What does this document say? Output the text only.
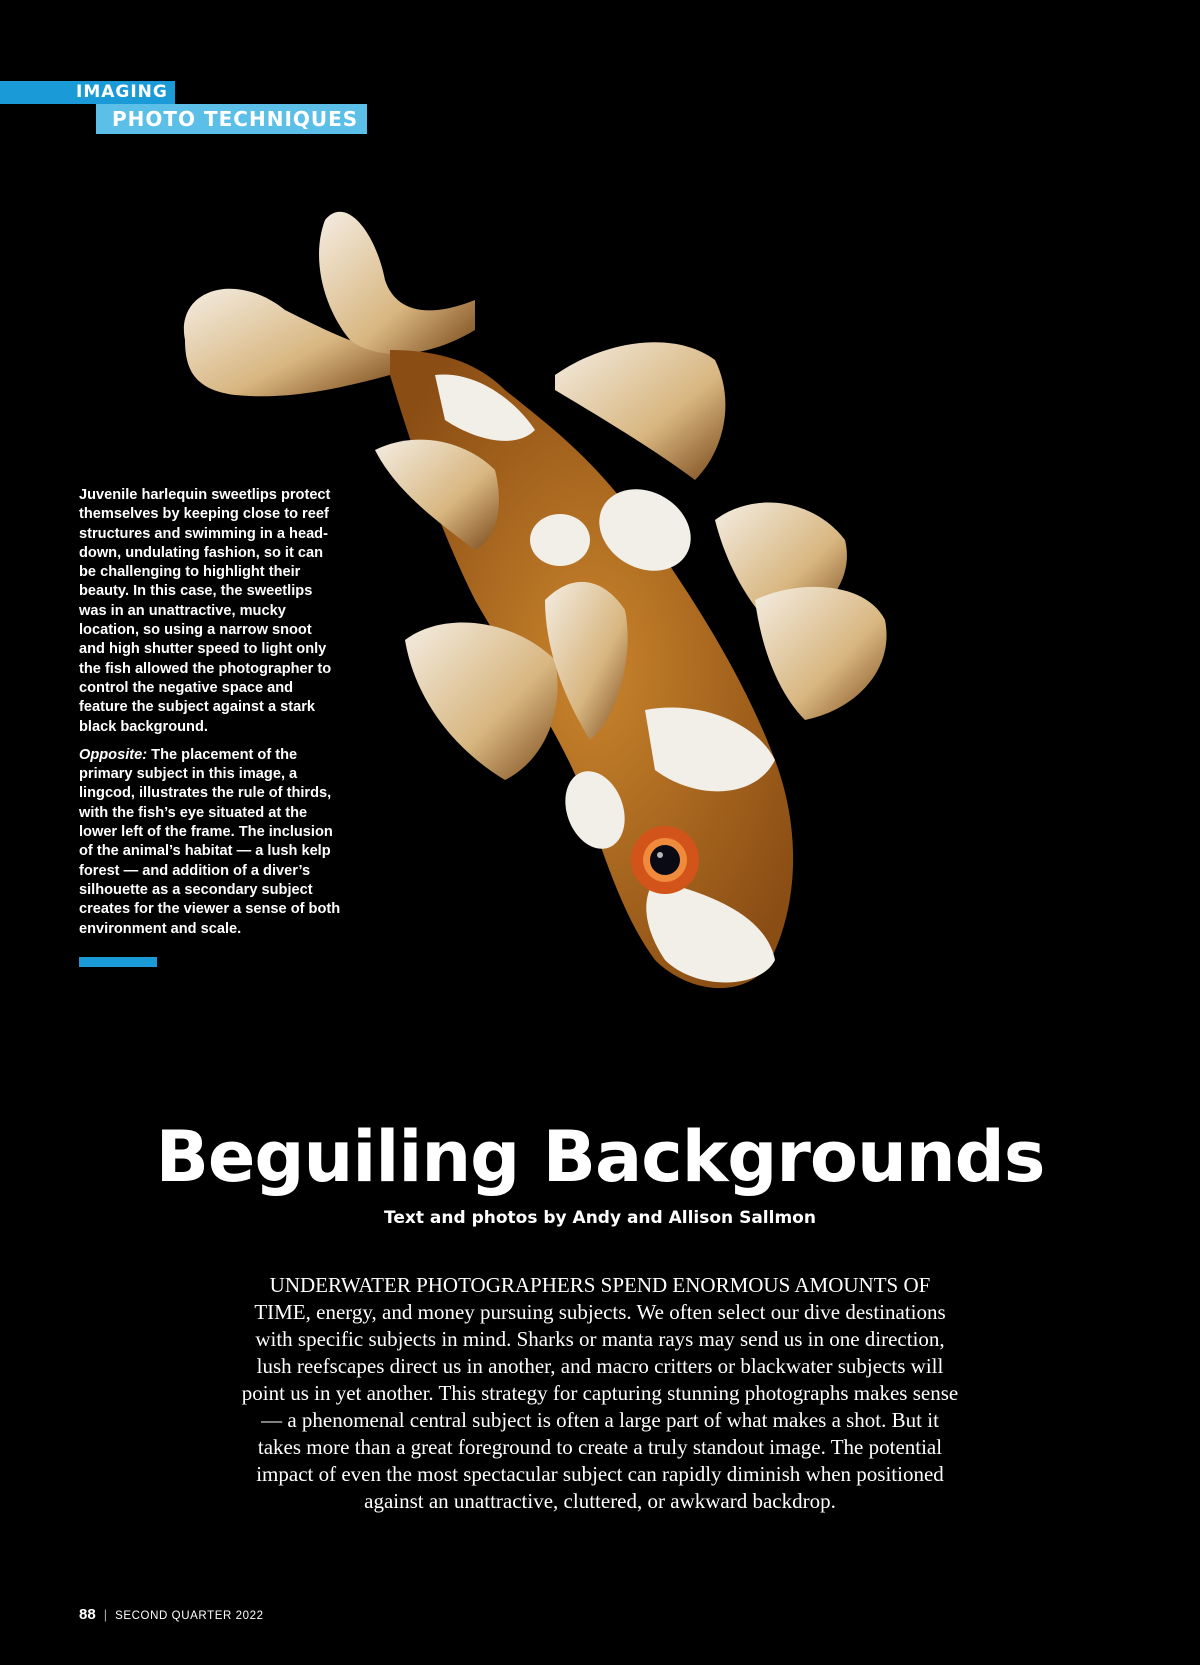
IMAGING
PHOTO TECHNIQUES

Juvenile harlequin sweetlips protect themselves by keeping close to reef structures and swimming in a head-down, undulating fashion, so it can be challenging to highlight their beauty. In this case, the sweetlips was in an unattractive, mucky location, so using a narrow snoot and high shutter speed to light only the fish allowed the photographer to control the negative space and feature the subject against a stark black background.

Opposite: The placement of the primary subject in this image, a lingcod, illustrates the rule of thirds, with the fish’s eye situated at the lower left of the frame. The inclusion of the animal’s habitat — a lush kelp forest — and addition of a diver’s silhouette as a secondary subject creates for the viewer a sense of both environment and scale.

Beguiling Backgrounds
Text and photos by Andy and Allison Sallmon
UNDERWATER PHOTOGRAPHERS SPEND ENORMOUS AMOUNTS OF TIME, energy, and money pursuing subjects. We often select our dive destinations with specific subjects in mind. Sharks or manta rays may send us in one direction, lush reefscapes direct us in another, and macro critters or blackwater subjects will point us in yet another. This strategy for capturing stunning photographs makes sense — a phenomenal central subject is often a large part of what makes a shot. But it takes more than a great foreground to create a truly standout image. The potential impact of even the most spectacular subject can rapidly diminish when positioned against an unattractive, cluttered, or awkward backdrop.
88 | SECOND QUARTER 2022
